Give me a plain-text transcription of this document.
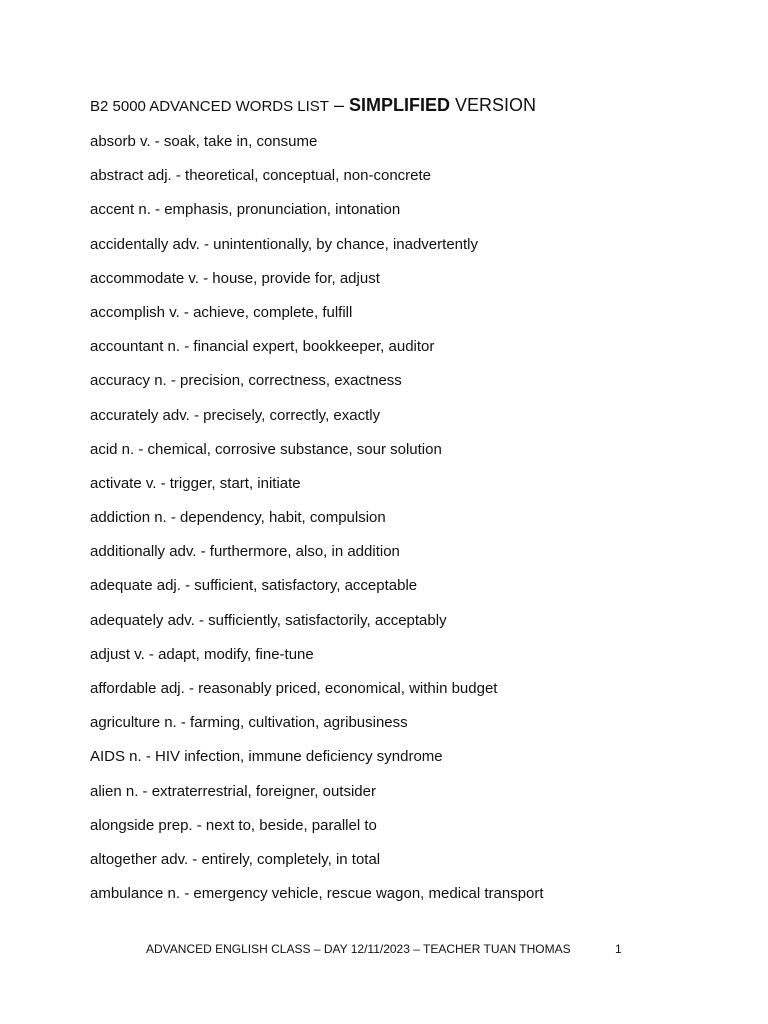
B2 5000 ADVANCED WORDS LIST – SIMPLIFIED VERSION
absorb v. - soak, take in, consume
abstract adj. - theoretical, conceptual, non-concrete
accent n. - emphasis, pronunciation, intonation
accidentally adv. - unintentionally, by chance, inadvertently
accommodate v. - house, provide for, adjust
accomplish v. - achieve, complete, fulfill
accountant n. - financial expert, bookkeeper, auditor
accuracy n. - precision, correctness, exactness
accurately adv. - precisely, correctly, exactly
acid n. - chemical, corrosive substance, sour solution
activate v. - trigger, start, initiate
addiction n. - dependency, habit, compulsion
additionally adv. - furthermore, also, in addition
adequate adj. - sufficient, satisfactory, acceptable
adequately adv. - sufficiently, satisfactorily, acceptably
adjust v. - adapt, modify, fine-tune
affordable adj. - reasonably priced, economical, within budget
agriculture n. - farming, cultivation, agribusiness
AIDS n. - HIV infection, immune deficiency syndrome
alien n. - extraterrestrial, foreigner, outsider
alongside prep. - next to, beside, parallel to
altogether adv. - entirely, completely, in total
ambulance n. - emergency vehicle, rescue wagon, medical transport
ADVANCED ENGLISH CLASS – DAY 12/11/2023 – TEACHER TUAN THOMAS	1
